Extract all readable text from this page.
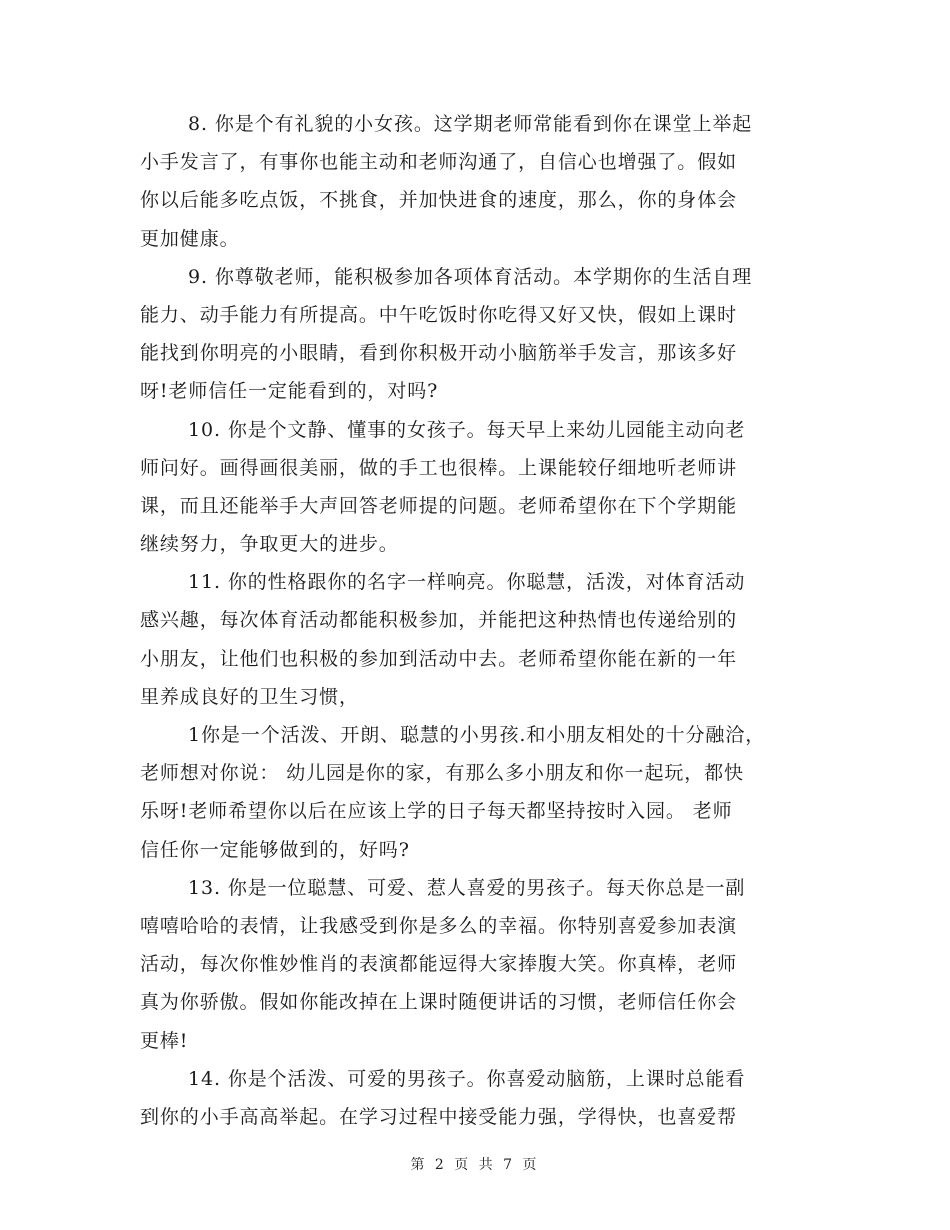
8. 你是个有礼貌的小女孩。这学期老师常能看到你在课堂上举起
小手发言了，有事你也能主动和老师沟通了，自信心也增强了。假如
你以后能多吃点饭，不挑食，并加快进食的速度，那么，你的身体会
更加健康。

9. 你尊敬老师，能积极参加各项体育活动。本学期你的生活自理
能力、动手能力有所提高。中午吃饭时你吃得又好又快，假如上课时
能找到你明亮的小眼睛，看到你积极开动小脑筋举手发言，那该多好
呀!老师信任一定能看到的，对吗?

10. 你是个文静、懂事的女孩子。每天早上来幼儿园能主动向老
师问好。画得画很美丽，做的手工也很棒。上课能较仔细地听老师讲
课，而且还能举手大声回答老师提的问题。老师希望你在下个学期能
继续努力，争取更大的进步。

11. 你的性格跟你的名字一样响亮。你聪慧，活泼，对体育活动
感兴趣，每次体育活动都能积极参加，并能把这种热情也传递给别的
小朋友，让他们也积极的参加到活动中去。老师希望你能在新的一年
里养成良好的卫生习惯，

1你是一个活泼、开朗、聪慧的小男孩.和小朋友相处的十分融洽，
老师想对你说： 幼儿园是你的家，有那么多小朋友和你一起玩，都快
乐呀!老师希望你以后在应该上学的日子每天都坚持按时入园。 老师
信任你一定能够做到的，好吗?

13. 你是一位聪慧、可爱、惹人喜爱的男孩子。每天你总是一副
嘻嘻哈哈的表情，让我感受到你是多么的幸福。你特别喜爱参加表演
活动，每次你惟妙惟肖的表演都能逗得大家捧腹大笑。你真棒，老师
真为你骄傲。假如你能改掉在上课时随便讲话的习惯，老师信任你会
更棒!

14. 你是个活泼、可爱的男孩子。你喜爱动脑筋，上课时总能看
到你的小手高高举起。在学习过程中接受能力强，学得快，也喜爱帮

第 2 页 共 7 页
